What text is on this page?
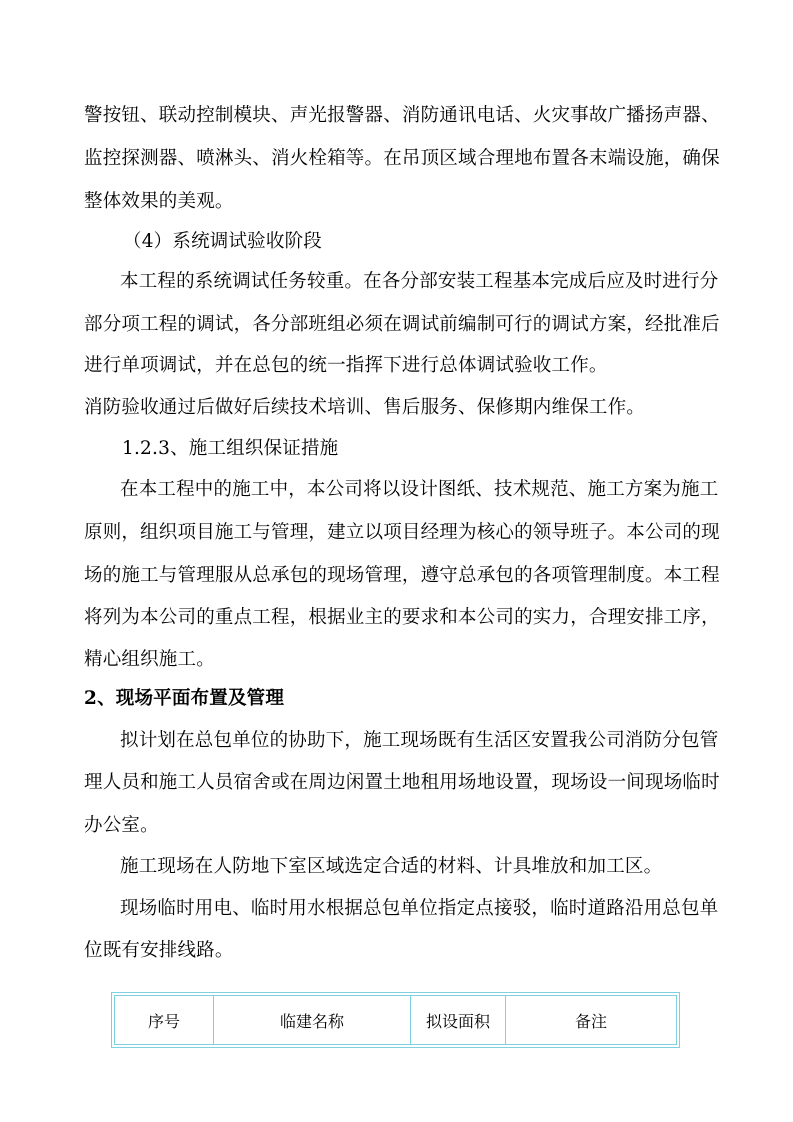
警按钮、联动控制模块、声光报警器、消防通讯电话、火灾事故广播扬声器、
监控探测器、喷淋头、消火栓箱等。在吊顶区域合理地布置各末端设施，确保
整体效果的美观。
（4）系统调试验收阶段
本工程的系统调试任务较重。在各分部安装工程基本完成后应及时进行分
部分项工程的调试，各分部班组必须在调试前编制可行的调试方案，经批准后
进行单项调试，并在总包的统一指挥下进行总体调试验收工作。
消防验收通过后做好后续技术培训、售后服务、保修期内维保工作。
1.2.3、施工组织保证措施
在本工程中的施工中，本公司将以设计图纸、技术规范、施工方案为施工
原则，组织项目施工与管理，建立以项目经理为核心的领导班子。本公司的现
场的施工与管理服从总承包的现场管理，遵守总承包的各项管理制度。本工程
将列为本公司的重点工程，根据业主的要求和本公司的实力，合理安排工序，
精心组织施工。
2、现场平面布置及管理
拟计划在总包单位的协助下，施工现场既有生活区安置我公司消防分包管
理人员和施工人员宿舍或在周边闲置土地租用场地设置，现场设一间现场临时
办公室。
施工现场在人防地下室区域选定合适的材料、计具堆放和加工区。
现场临时用电、临时用水根据总包单位指定点接驳，临时道路沿用总包单
位既有安排线路。
序号	临建名称	拟设面积	备注
